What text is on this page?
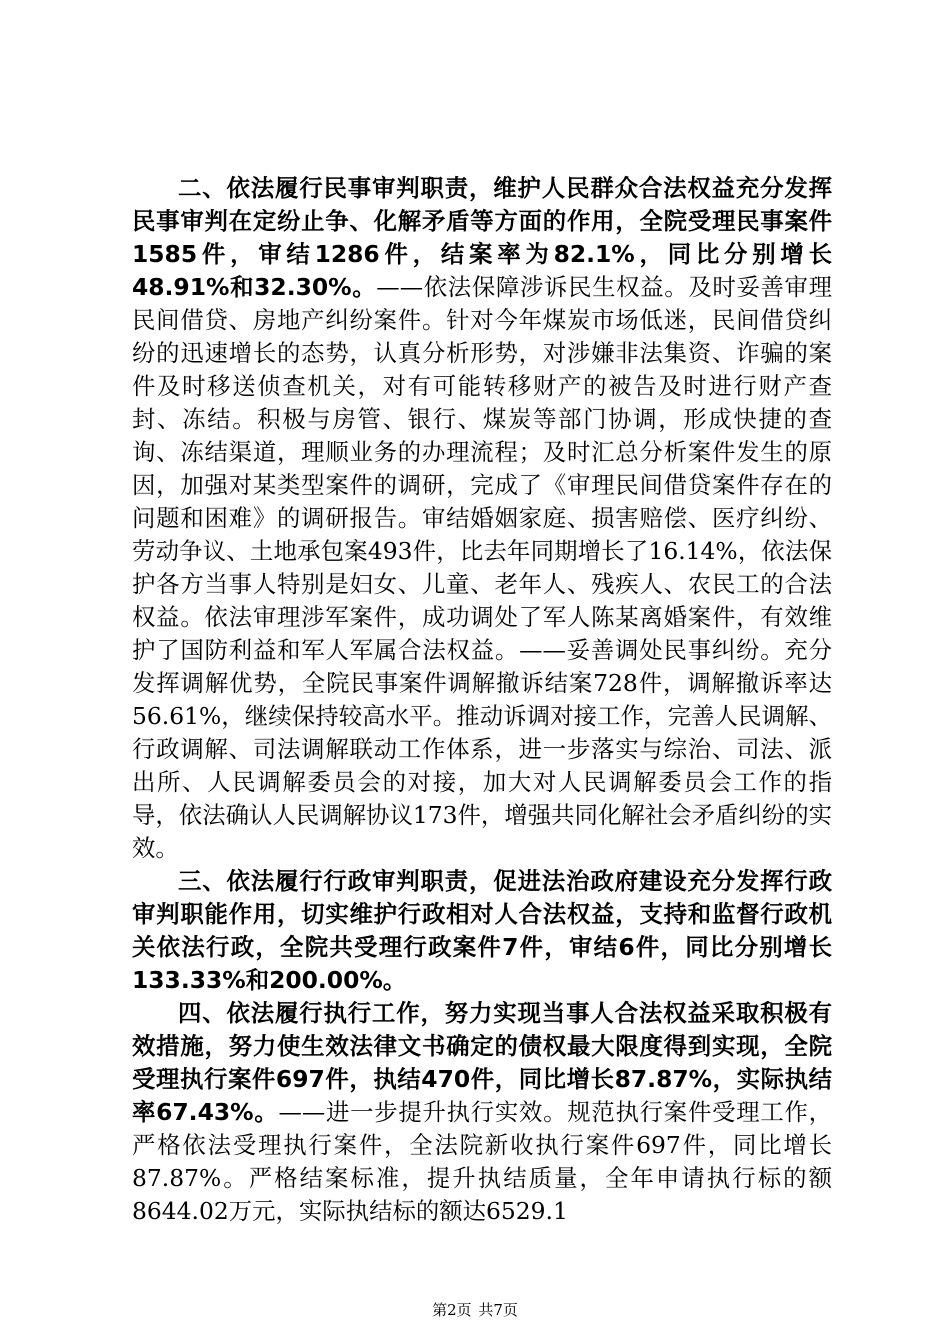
二、依法履行民事审判职责，维护人民群众合法权益充分发挥民事审判在定纷止争、化解矛盾等方面的作用，全院受理民事案件1585件，审结1286件，结案率为82.1%，同比分别增长48.91%和32.30%。——依法保障涉诉民生权益。及时妥善审理民间借贷、房地产纠纷案件。针对今年煤炭市场低迷，民间借贷纠纷的迅速增长的态势，认真分析形势，对涉嫌非法集资、诈骗的案件及时移送侦查机关，对有可能转移财产的被告及时进行财产查封、冻结。积极与房管、银行、煤炭等部门协调，形成快捷的查询、冻结渠道，理顺业务的办理流程；及时汇总分析案件发生的原因，加强对某类型案件的调研，完成了《审理民间借贷案件存在的问题和困难》的调研报告。审结婚姻家庭、损害赔偿、医疗纠纷、劳动争议、土地承包案493件，比去年同期增长了16.14%，依法保护各方当事人特别是妇女、儿童、老年人、残疾人、农民工的合法权益。依法审理涉军案件，成功调处了军人陈某离婚案件，有效维护了国防利益和军人军属合法权益。——妥善调处民事纠纷。充分发挥调解优势，全院民事案件调解撤诉结案728件，调解撤诉率达56.61%，继续保持较高水平。推动诉调对接工作，完善人民调解、行政调解、司法调解联动工作体系，进一步落实与综治、司法、派出所、人民调解委员会的对接，加大对人民调解委员会工作的指导，依法确认人民调解协议173件，增强共同化解社会矛盾纠纷的实效。

三、依法履行行政审判职责，促进法治政府建设充分发挥行政审判职能作用，切实维护行政相对人合法权益，支持和监督行政机关依法行政，全院共受理行政案件7件，审结6件，同比分别增长133.33%和200.00%。

四、依法履行执行工作，努力实现当事人合法权益采取积极有效措施，努力使生效法律文书确定的债权最大限度得到实现，全院受理执行案件697件，执结470件，同比增长87.87%，实际执结率67.43%。——进一步提升执行实效。规范执行案件受理工作，严格依法受理执行案件，全法院新收执行案件697件，同比增长87.87%。严格结案标准，提升执结质量，全年申请执行标的额8644.02万元，实际执结标的额达6529.1

第2页 共7页
